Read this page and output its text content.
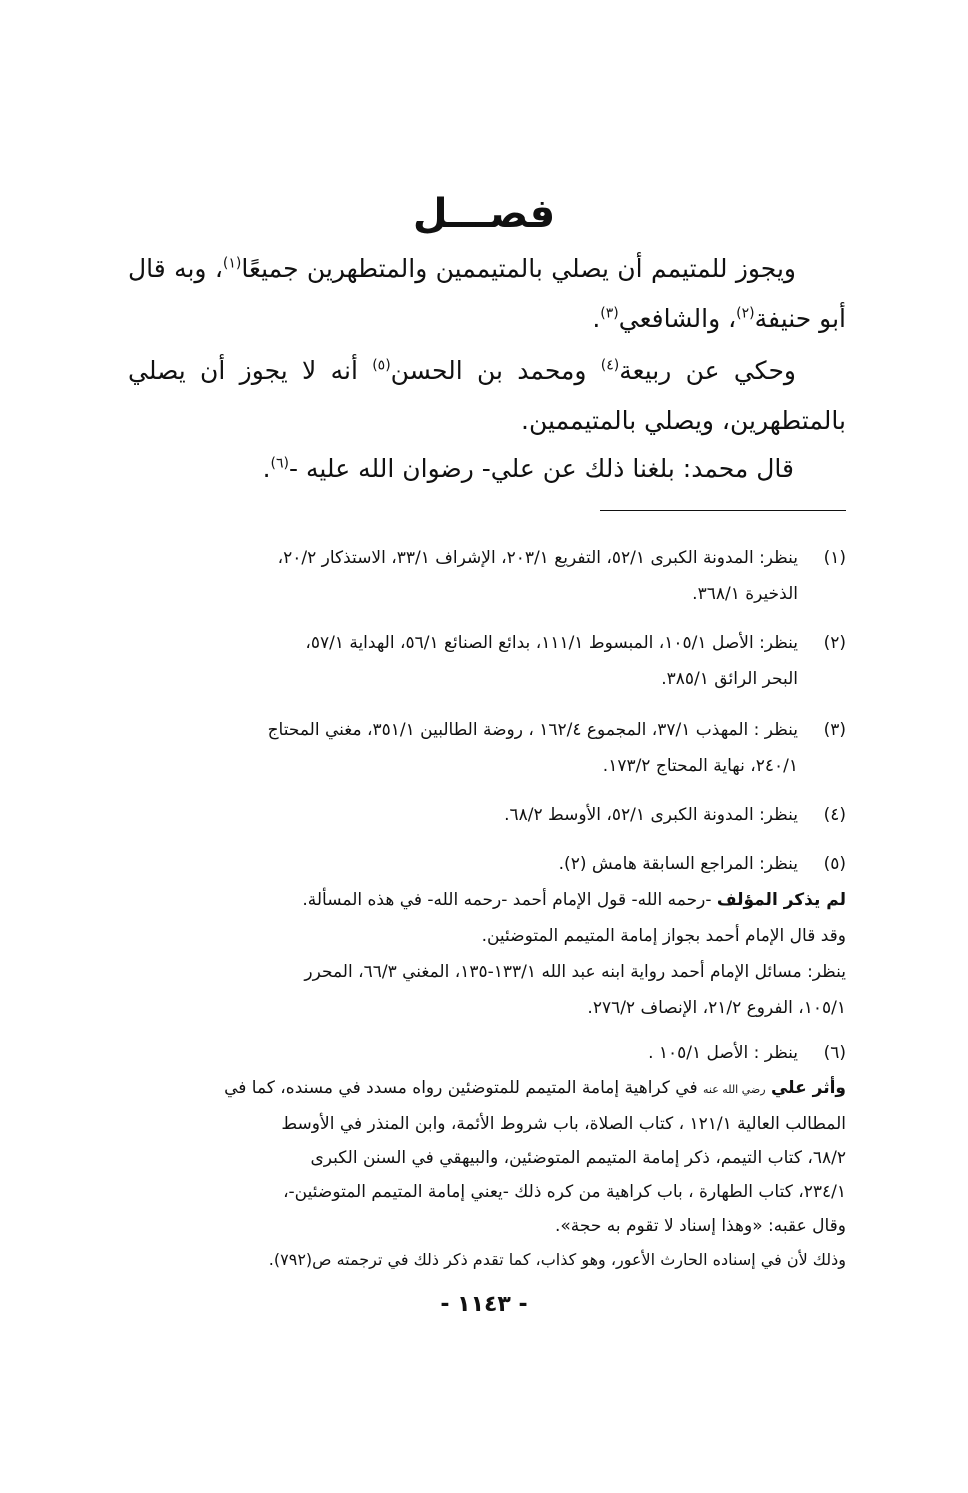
فصـــل
ويجوز للمتيمم أن يصلي بالمتيممين والمتطهرين جميعًا$^{(١)}$، وبه قال أبو حنيفة$^{(٢)}$، والشافعي$^{(٣)}$.
وحكي عن ربيعة$^{(٤)}$ ومحمد بن الحسن$^{(٥)}$ أنه لا يجوز أن يصلي بالمتطهرين، ويصلي بالمتيممين.
قال محمد: بلغنا ذلك عن علي- رضوان الله عليه -$^{(٦)}$.
(١)
ينظر: المدونة الكبرى ٥٢/١، التفريع ٢٠٣/١، الإشراف ٣٣/١، الاستذكار ٢٠/٢،
الذخيرة ٣٦٨/١.
(٢)
ينظر: الأصل ١٠٥/١، المبسوط ١١١/١، بدائع الصنائع ٥٦/١، الهداية ٥٧/١،
البحر الرائق ٣٨٥/١.
(٣)
ينظر : المهذب ٣٧/١، المجموع ١٦٢/٤ ، روضة الطالبين ٣٥١/١، مغني المحتاج
٢٤٠/١، نهاية المحتاج ١٧٣/٢.
(٤)
ينظر: المدونة الكبرى ٥٢/١، الأوسط ٦٨/٢.
(٥)
ينظر: المراجع السابقة هامش (٢).
لم يذكر المؤلف -رحمه الله- قول الإمام أحمد -رحمه الله- في هذه المسألة.
وقد قال الإمام أحمد بجواز إمامة المتيمم المتوضئين.
ينظر: مسائل الإمام أحمد رواية ابنه عبد الله ١٣٣/١-١٣٥، المغني ٦٦/٣، المحرر
١٠٥/١، الفروع ٢١/٢، الإنصاف ٢٧٦/٢.
(٦)
ينظر : الأصل ١٠٥/١ .
وأثر علي رضي الله عنه في كراهية إمامة المتيمم للمتوضئين رواه مسدد في مسنده، كما في
المطالب العالية ١٢١/١ ، كتاب الصلاة، باب شروط الأئمة، وابن المنذر في الأوسط
٦٨/٢، كتاب التيمم، ذكر إمامة المتيمم المتوضئين، والبيهقي في السنن الكبرى
٢٣٤/١، كتاب الطهارة ، باب كراهية من كره ذلك -يعني إمامة المتيمم المتوضئين-،
وقال عقبه: «وهذا إسناد لا تقوم به حجة».
وذلك لأن في إسناده الحارث الأعور، وهو كذاب، كما تقدم ذكر ذلك في ترجمته ص(٧٩٢).
- ١١٤٣ -
